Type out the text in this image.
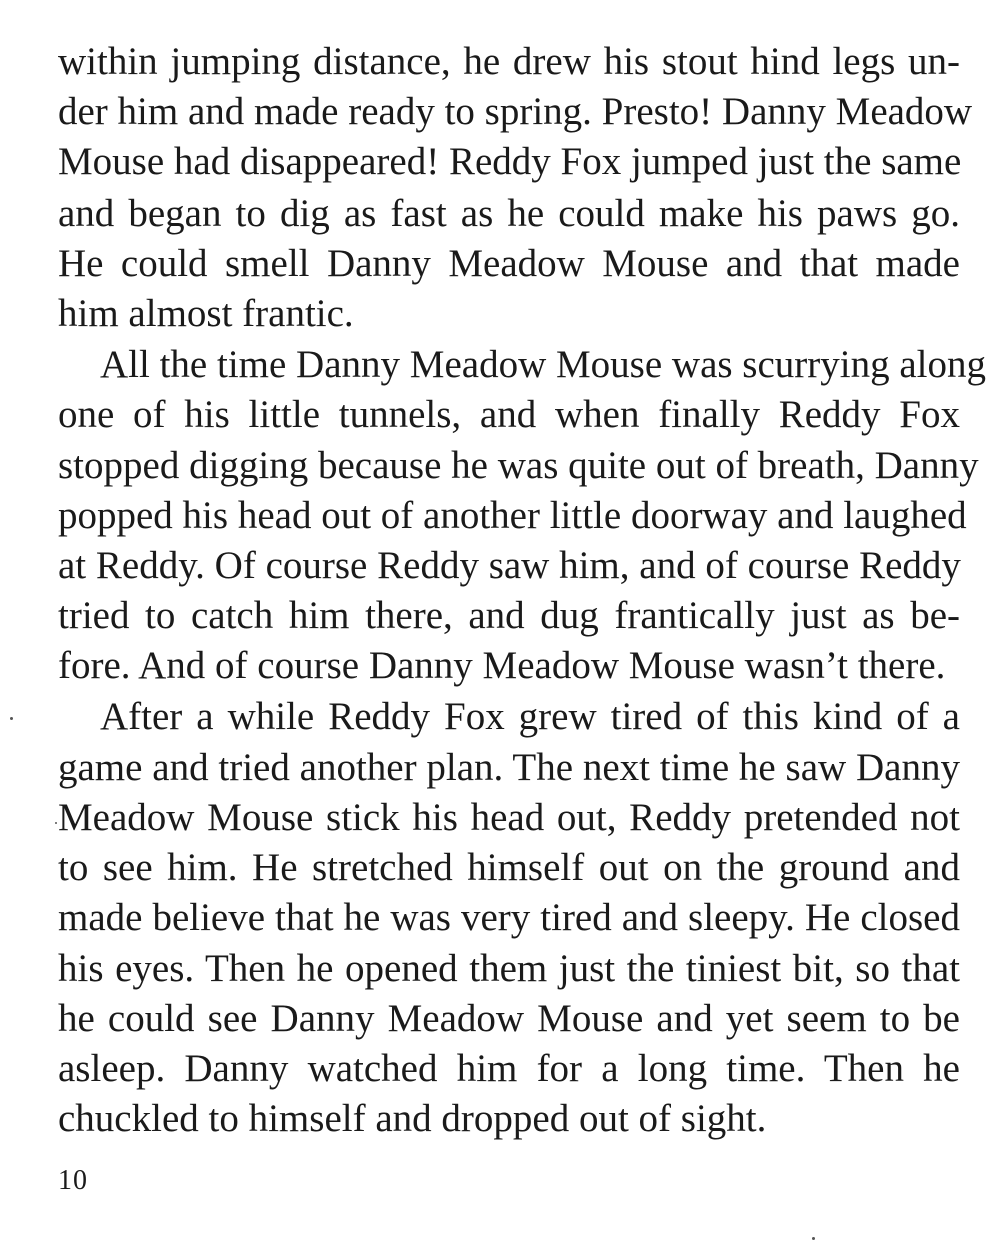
within jumping distance, he drew his stout hind legs un-
der him and made ready to spring. Presto! Danny Meadow
Mouse had disappeared! Reddy Fox jumped just the same
and began to dig as fast as he could make his paws go.
He could smell Danny Meadow Mouse and that made
him almost frantic.
All the time Danny Meadow Mouse was scurrying along
one of his little tunnels, and when finally Reddy Fox
stopped digging because he was quite out of breath, Danny
popped his head out of another little doorway and laughed
at Reddy. Of course Reddy saw him, and of course Reddy
tried to catch him there, and dug frantically just as be-
fore. And of course Danny Meadow Mouse wasn’t there.
After a while Reddy Fox grew tired of this kind of a
game and tried another plan. The next time he saw Danny
Meadow Mouse stick his head out, Reddy pretended not
to see him. He stretched himself out on the ground and
made believe that he was very tired and sleepy. He closed
his eyes. Then he opened them just the tiniest bit, so that
he could see Danny Meadow Mouse and yet seem to be
asleep. Danny watched him for a long time. Then he
chuckled to himself and dropped out of sight.
10
